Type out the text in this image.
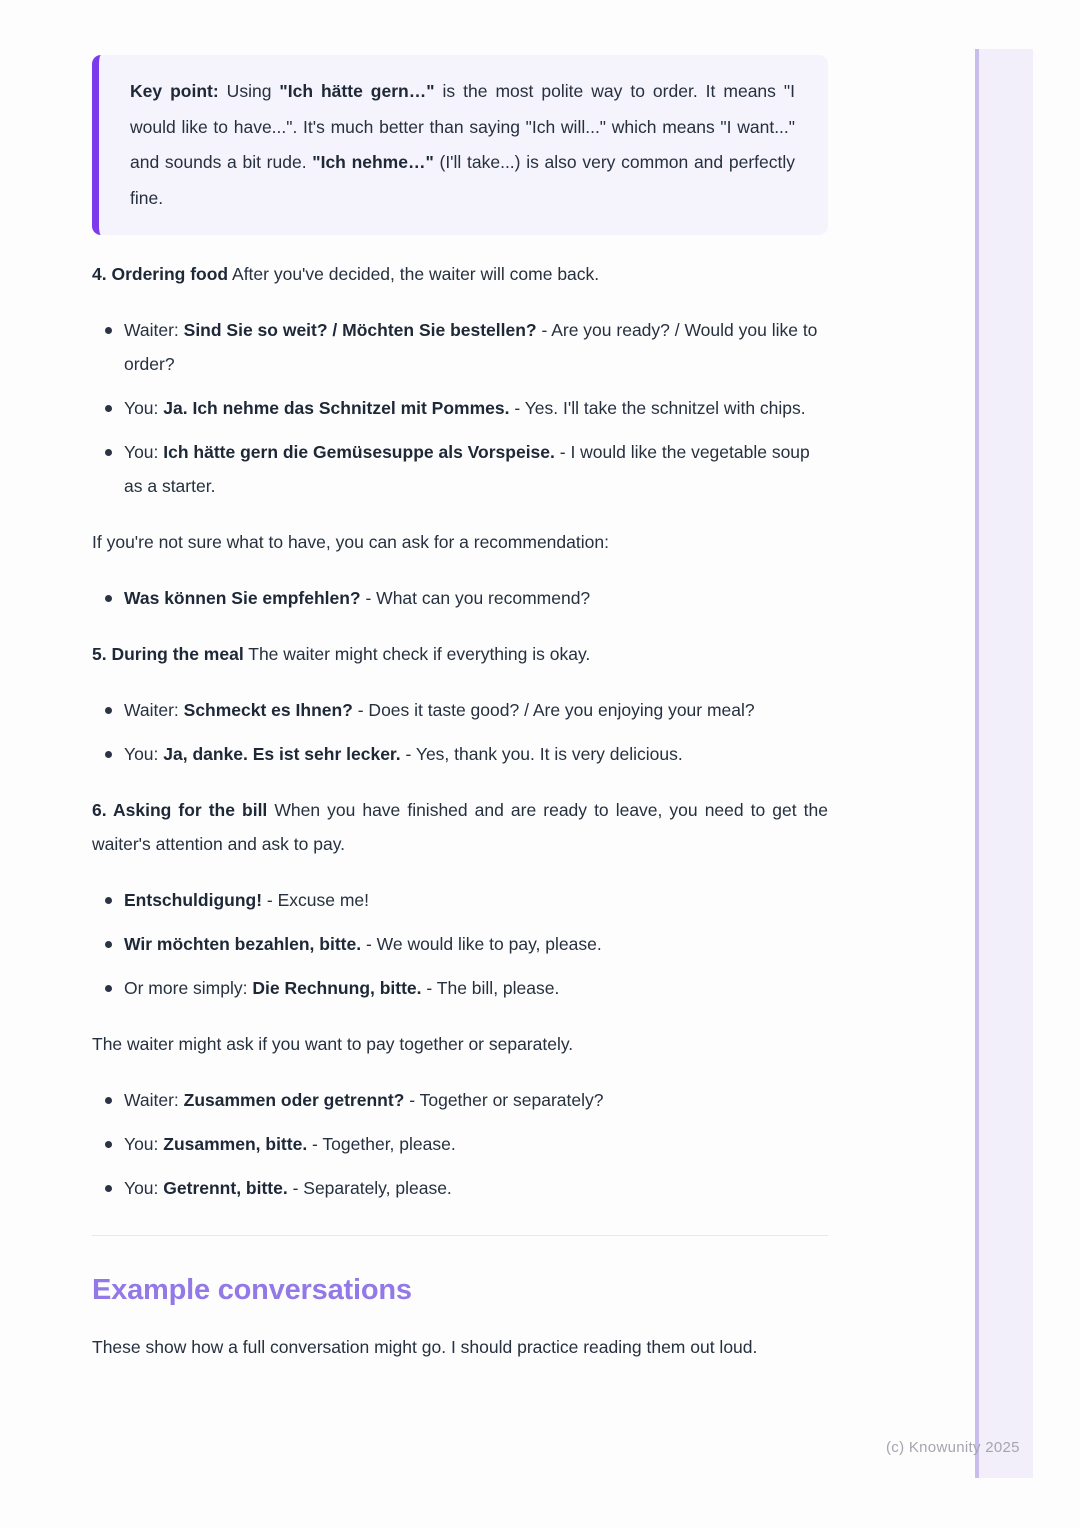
Key point: Using "Ich hätte gern…" is the most polite way to order. It means "I would like to have...". It's much better than saying "Ich will..." which means "I want..." and sounds a bit rude. "Ich nehme…" (I'll take...) is also very common and perfectly fine.

4. Ordering food After you've decided, the waiter will come back.

Waiter: Sind Sie so weit? / Möchten Sie bestellen? - Are you ready? / Would you like to order?
You: Ja. Ich nehme das Schnitzel mit Pommes. - Yes. I'll take the schnitzel with chips.
You: Ich hätte gern die Gemüsesuppe als Vorspeise. - I would like the vegetable soup as a starter.

If you're not sure what to have, you can ask for a recommendation:

Was können Sie empfehlen? - What can you recommend?

5. During the meal The waiter might check if everything is okay.

Waiter: Schmeckt es Ihnen? - Does it taste good? / Are you enjoying your meal?
You: Ja, danke. Es ist sehr lecker. - Yes, thank you. It is very delicious.

6. Asking for the bill When you have finished and are ready to leave, you need to get the waiter's attention and ask to pay.

Entschuldigung! - Excuse me!
Wir möchten bezahlen, bitte. - We would like to pay, please.
Or more simply: Die Rechnung, bitte. - The bill, please.

The waiter might ask if you want to pay together or separately.

Waiter: Zusammen oder getrennt? - Together or separately?
You: Zusammen, bitte. - Together, please.
You: Getrennt, bitte. - Separately, please.
Example conversations

These show how a full conversation might go. I should practice reading them out loud.

(c) Knowunity 2025
